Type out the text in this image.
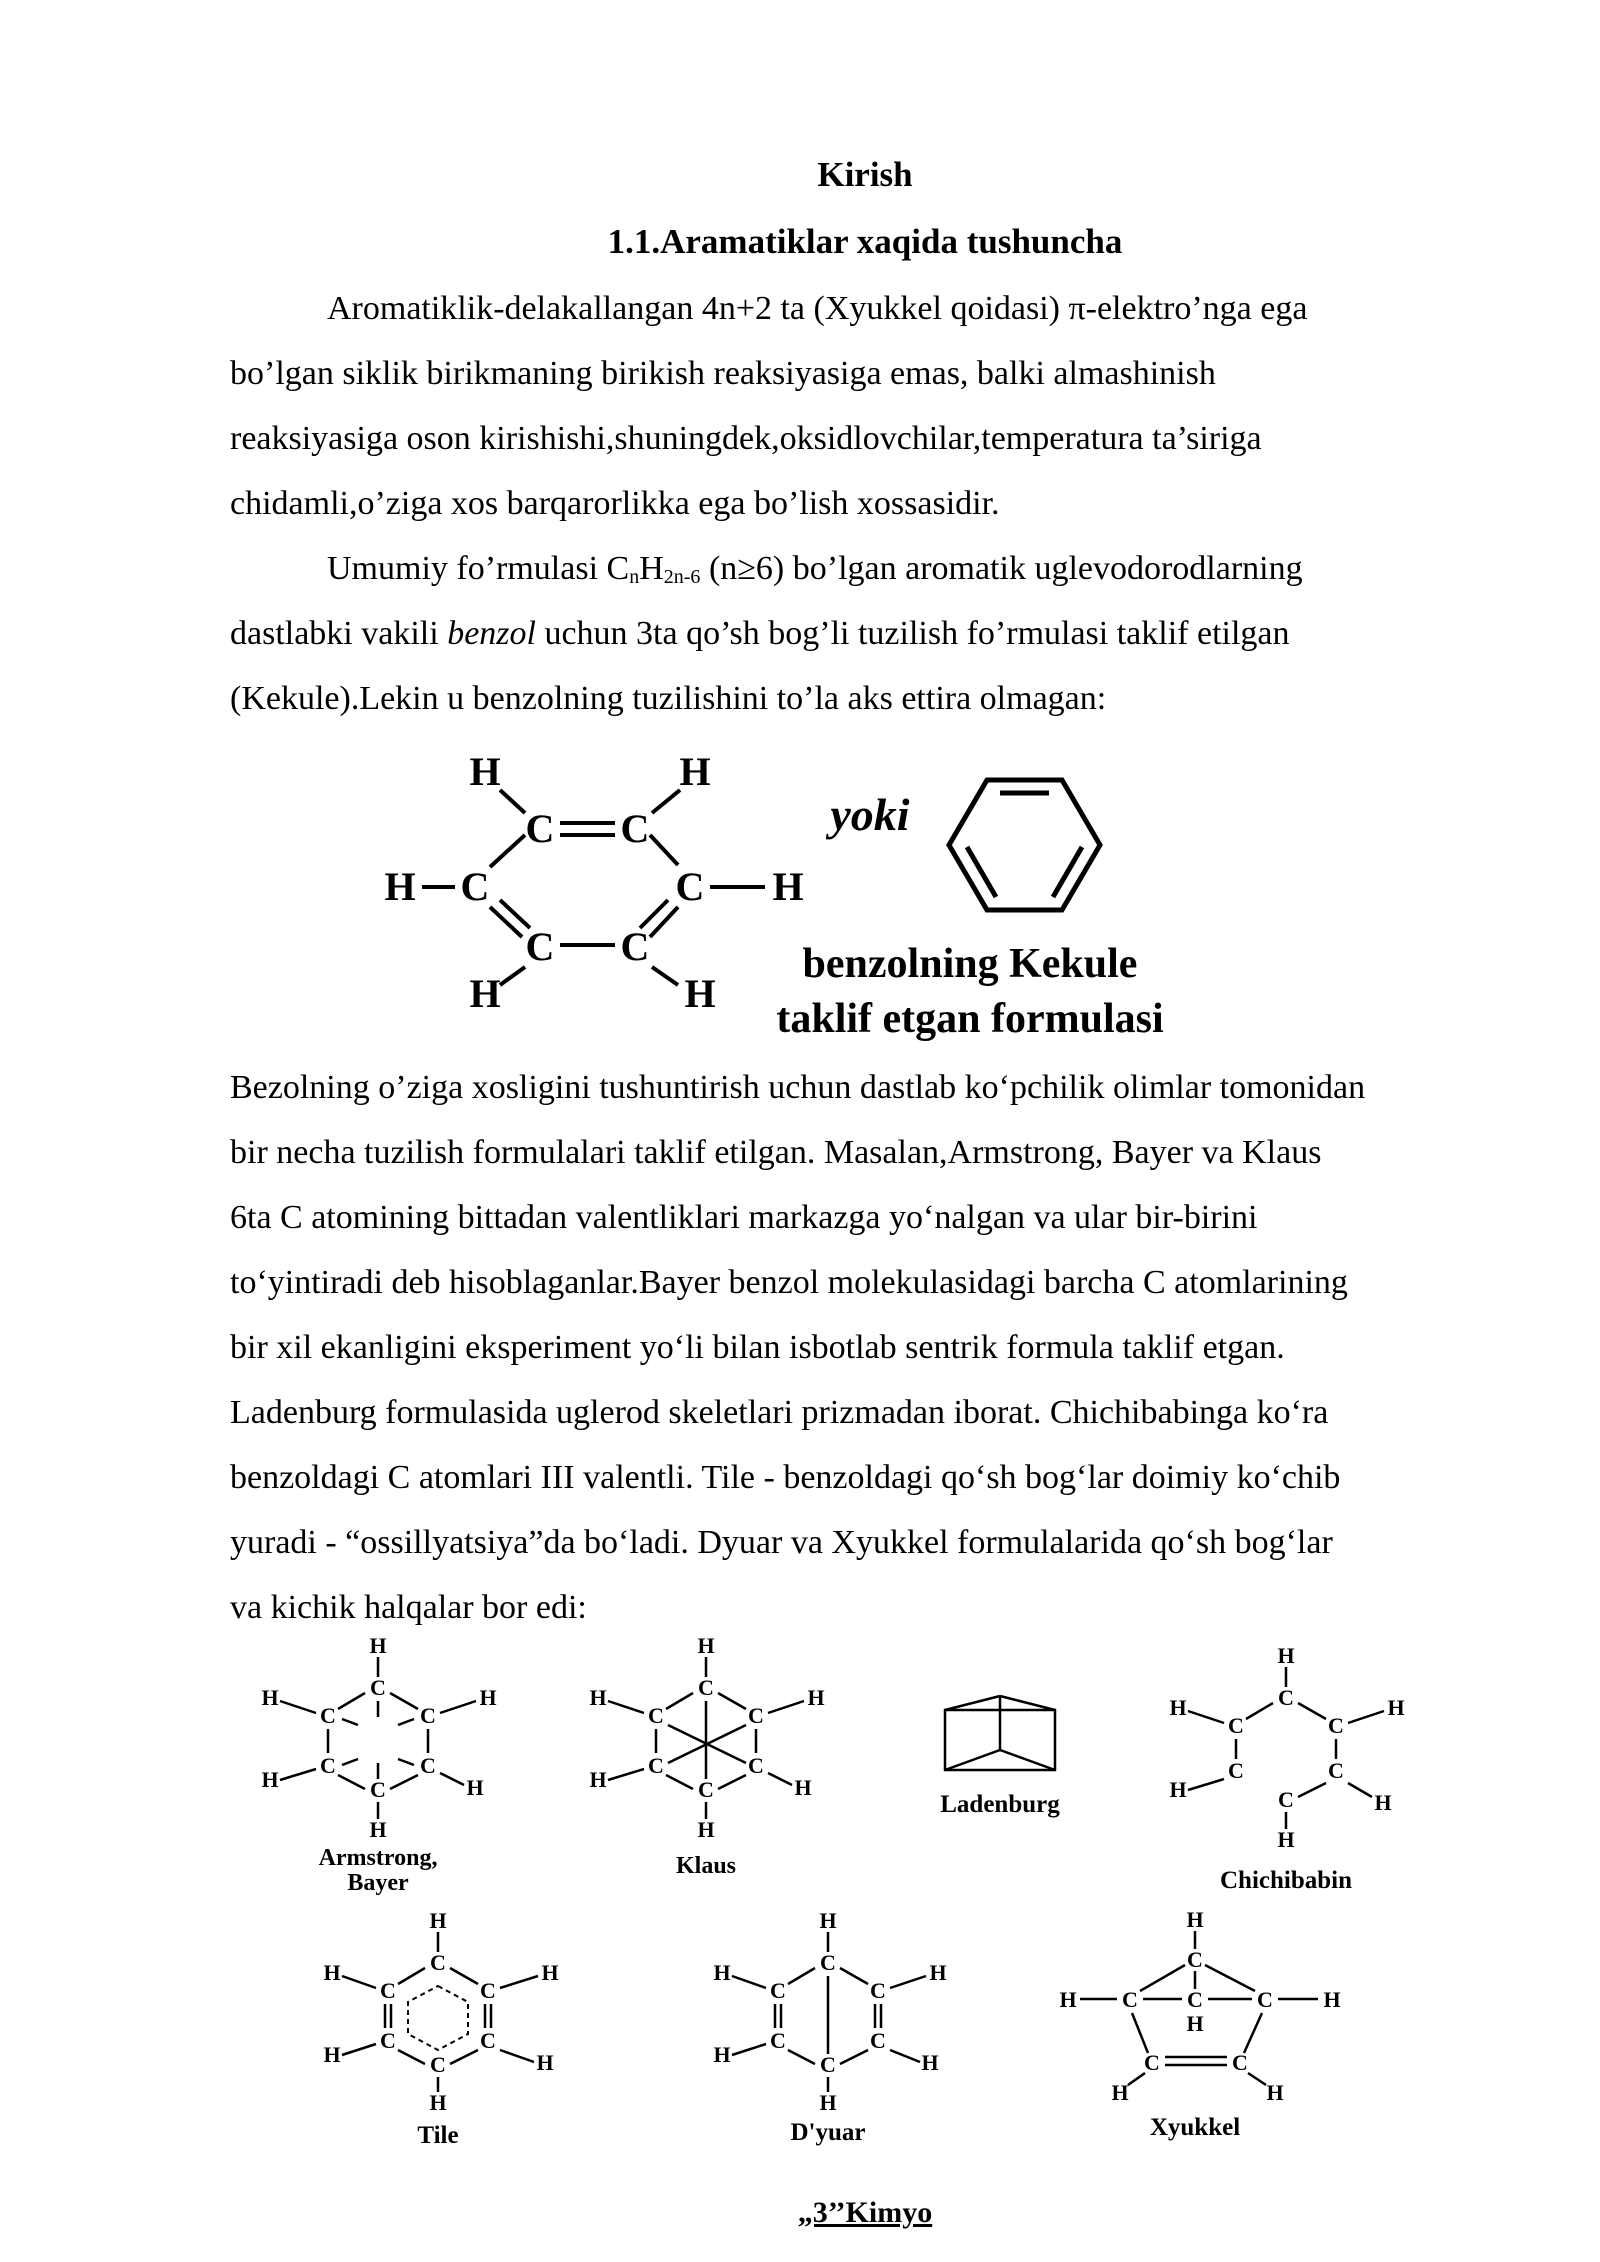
Kirish
1.1.Aramatiklar xaqida tushuncha
Aromatiklik-delakallangan 4n+2 ta (Xyukkel qoidasi) π-elektro’nga ega
bo’lgan siklik birikmaning birikish reaksiyasiga emas, balki almashinish
reaksiyasiga oson kirishishi,shuningdek,oksidlovchilar,temperatura ta’siriga
chidamli,o’ziga xos barqarorlikka ega bo’lish xossasidir.
Umumiy fo’rmulasi $C_nH_{2n-6}$ (n≥6) bo’lgan aromatik uglevodorodlarning
dastlabki vakili benzol uchun 3ta qo’sh bog’li tuzilish fo’rmulasi taklif etilgan
(Kekule).Lekin u benzolning tuzilishini to’la aks ettira olmagan:
C C
C	C
C C
H	H
H	H
H	H
yoki
benzolning Kekule
taklif etgan formulasi
Bezolning o’ziga xosligini tushuntirish uchun dastlab ko‘pchilik olimlar tomonidan
bir necha tuzilish formulalari taklif etilgan. Masalan,Armstrong, Bayer va Klaus
6ta C atomining bittadan valentliklari markazga yo‘nalgan va ular bir-birini
to‘yintiradi deb hisoblaganlar.Bayer benzol molekulasidagi barcha C atomlarining
bir xil ekanligini eksperiment yo‘li bilan isbotlab sentrik formula taklif etgan.
Ladenburg formulasida uglerod skeletlari prizmadan iborat. Chichibabinga ko‘ra
benzoldagi C atomlari III valentli. Tile - benzoldagi qo‘sh bog‘lar doimiy ko‘chib
yuradi - “ossillyatsiya”da bo‘ladi. Dyuar va Xyukkel formulalarida qo‘sh bog‘lar
va kichik halqalar bor edi:
H
C
C	C
C	C
C
H
H	H
H	H
Armstrong,
Bayer
H
C
C	C
C	C
C
H
H	H
H	H
Klaus
Ladenburg
H
C
C	C
C	C
C
H
H	H
H
H
Chichibabin
H
C
C	C
C	C
C
H
H	H
H	H
Tile
H
C
C	C
C	C
C
H
H	H
H	H
D'yuar
H
C
C
H
C	C
H	H
C	C
H	H
Xyukkel
„3’’Kimyo
